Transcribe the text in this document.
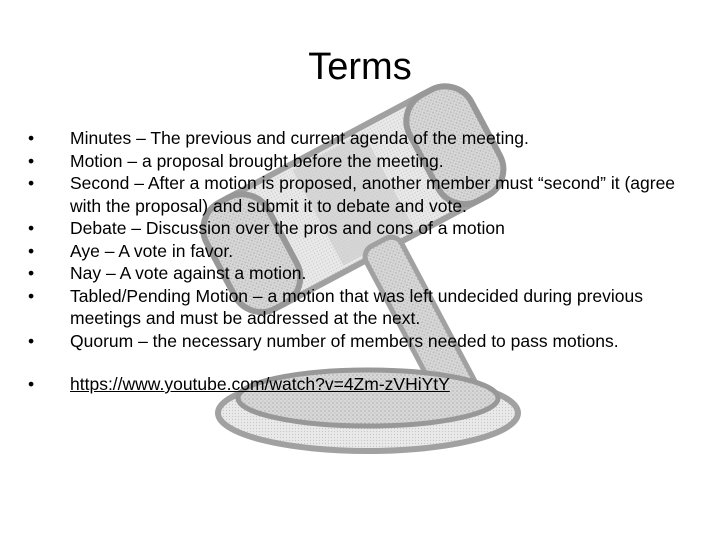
Terms
•	Minutes – The previous and current agenda of the meeting.
•	Motion – a proposal brought before the meeting.
•	Second – After a motion is proposed, another member must “second” it (agree with the proposal) and submit it to debate and vote.
•	Debate – Discussion over the pros and cons of a motion
•	Aye – A vote in favor.
•	Nay – A vote against a motion.
•	Tabled/Pending Motion – a motion that was left undecided during previous meetings and must be addressed at the next.
•	Quorum – the necessary number of members needed to pass motions.
•	https://www.youtube.com/watch?v=4Zm-zVHiYtY
